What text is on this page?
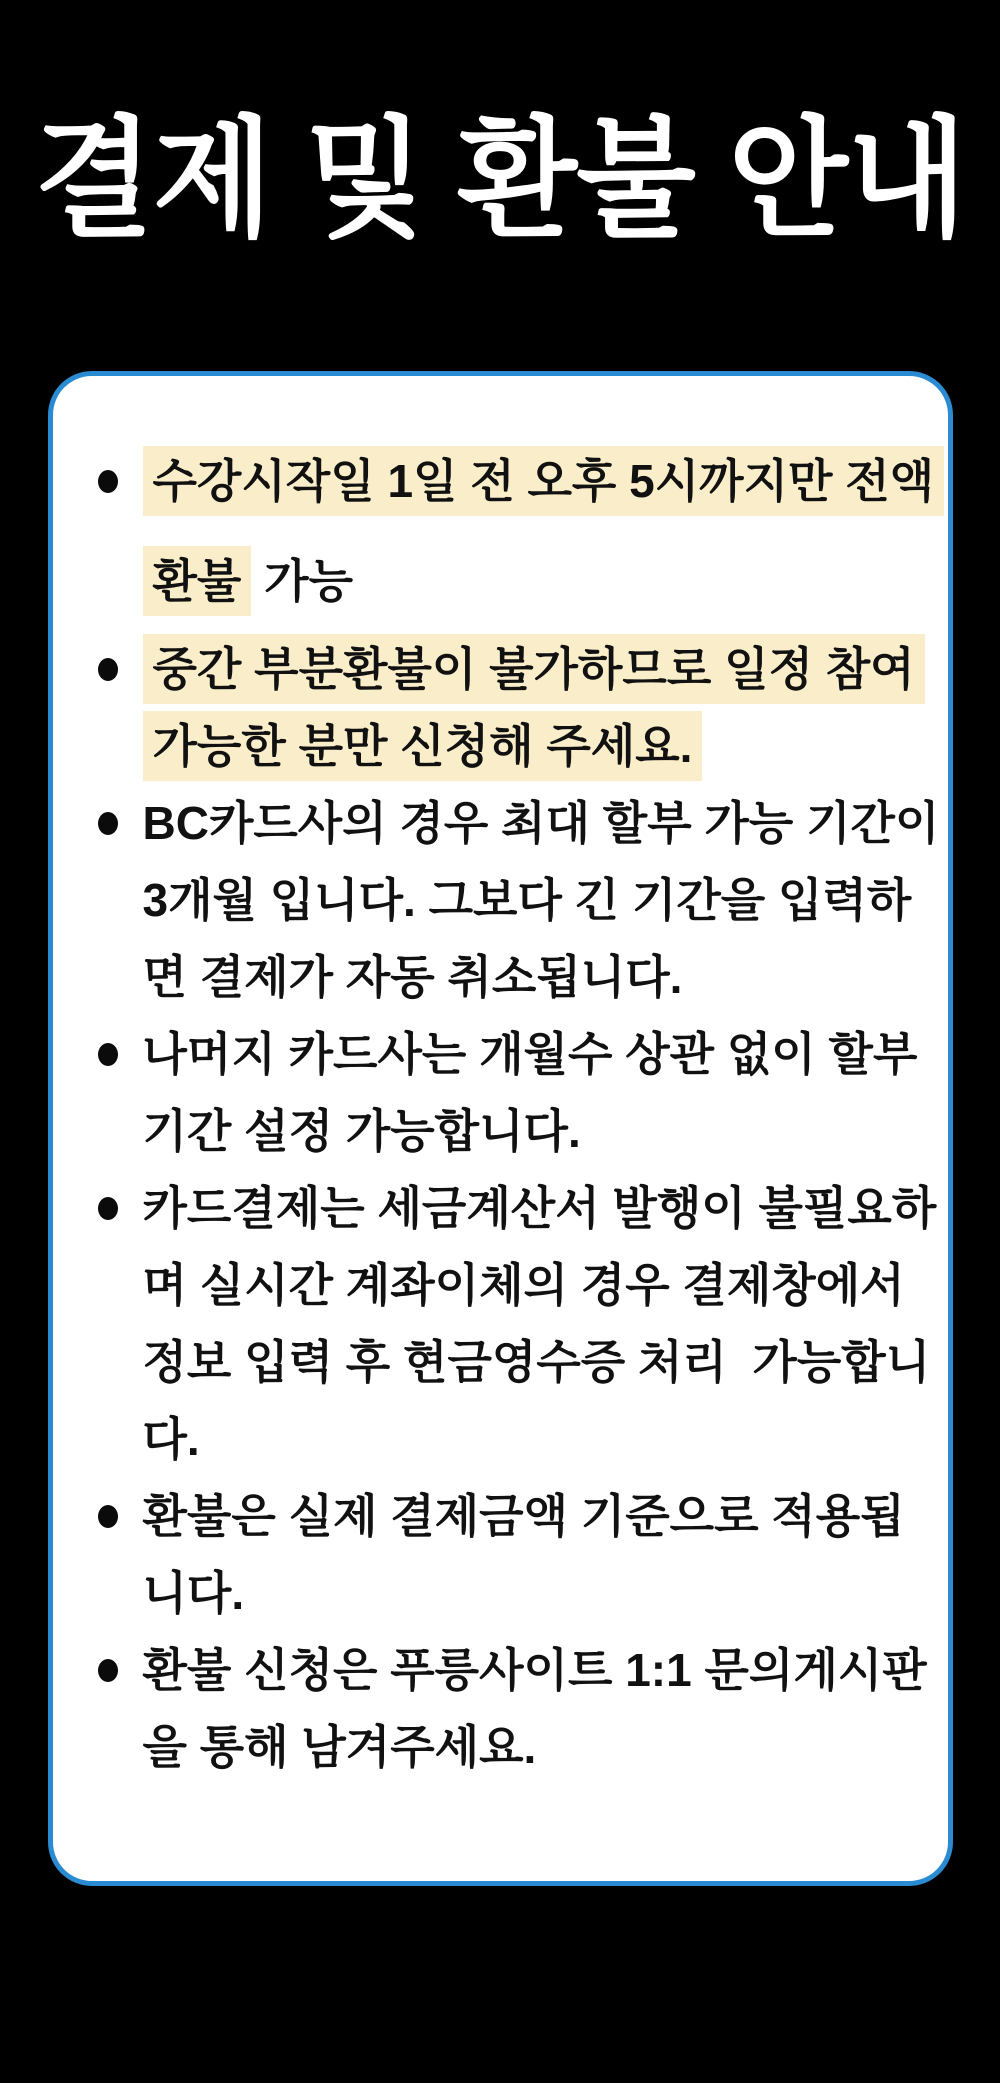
결제 및 환불 안내
수강시작일 1일 전 오후 5시까지만 전액
환불 가능
중간 부분환불이 불가하므로 일정 참여
가능한 분만 신청해 주세요.
BC카드사의 경우 최대 할부 가능 기간이
3개월 입니다. 그보다 긴 기간을 입력하
면 결제가 자동 취소됩니다.
나머지 카드사는 개월수 상관 없이 할부
기간 설정 가능합니다.
카드결제는 세금계산서 발행이 불필요하
며 실시간 계좌이체의 경우 결제창에서
정보 입력 후 현금영수증 처리  가능합니
다.
환불은 실제 결제금액 기준으로 적용됩
니다.
환불 신청은 푸릉사이트 1:1 문의게시판
을 통해 남겨주세요.
